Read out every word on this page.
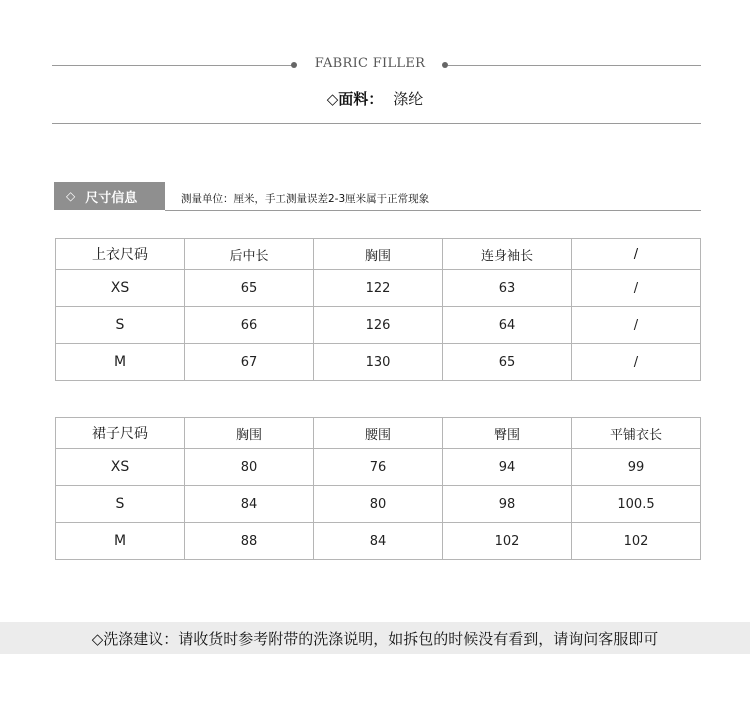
FABRIC FILLER
◇面料： 涤纶
◇ 尺寸信息	测量单位：厘米，手工测量误差2-3厘米属于正常现象
上衣尺码	后中长	胸围	连身袖长	/
XS	65	122	63	/
S	66	126	64	/
M	67	130	65	/
裙子尺码	胸围	腰围	臀围	平铺衣长
XS	80	76	94	99
S	84	80	98	100.5
M	88	84	102	102
◇洗涤建议：请收货时参考附带的洗涤说明，如拆包的时候没有看到，请询问客服即可
